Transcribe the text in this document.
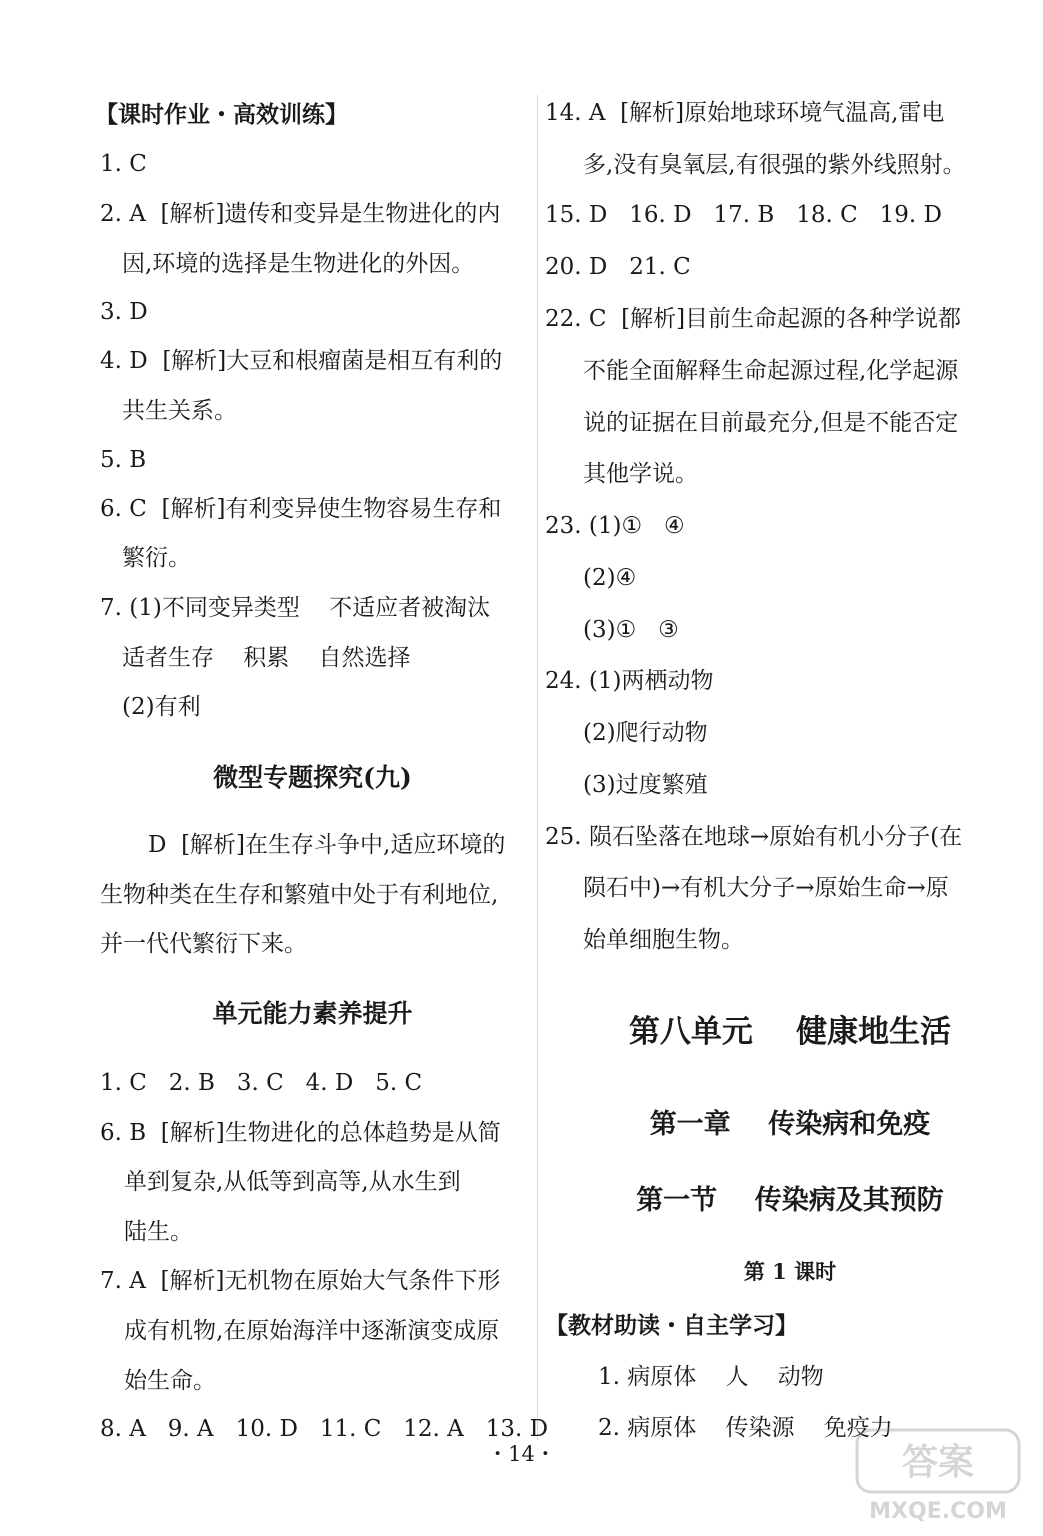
【课时作业・高效训练】
1. C
2. A  [解析]遗传和变异是生物进化的内
因,环境的选择是生物进化的外因。
3. D
4. D  [解析]大豆和根瘤菌是相互有利的
共生关系。
5. B
6. C  [解析]有利变异使生物容易生存和
繁衍。
7. (1)不同变异类型    不适应者被淘汰
适者生存    积累    自然选择
(2)有利
微型专题探究(九)
D  [解析]在生存斗争中,适应环境的
生物种类在生存和繁殖中处于有利地位,
并一代代繁衍下来。
单元能力素养提升
1. C   2. B   3. C   4. D   5. C
6. B  [解析]生物进化的总体趋势是从简
单到复杂,从低等到高等,从水生到
陆生。
7. A  [解析]无机物在原始大气条件下形
成有机物,在原始海洋中逐渐演变成原
始生命。
8. A   9. A   10. D   11. C   12. A   13. D
14. A  [解析]原始地球环境气温高,雷电
多,没有臭氧层,有很强的紫外线照射。
15. D   16. D   17. B   18. C   19. D
20. D   21. C
22. C  [解析]目前生命起源的各种学说都
不能全面解释生命起源过程,化学起源
说的证据在目前最充分,但是不能否定
其他学说。
23. (1)①   ④
(2)④
(3)①   ③
24. (1)两栖动物
(2)爬行动物
(3)过度繁殖
25. 陨石坠落在地球→原始有机小分子(在
陨石中)→有机大分子→原始生命→原
始单细胞生物。
第八单元    健康地生活
第一章    传染病和免疫
第一节    传染病及其预防
第 1 课时
【教材助读・自主学习】
1. 病原体    人    动物
2. 病原体    传染源    免疫力
・14・	答案
MXQE.COM
